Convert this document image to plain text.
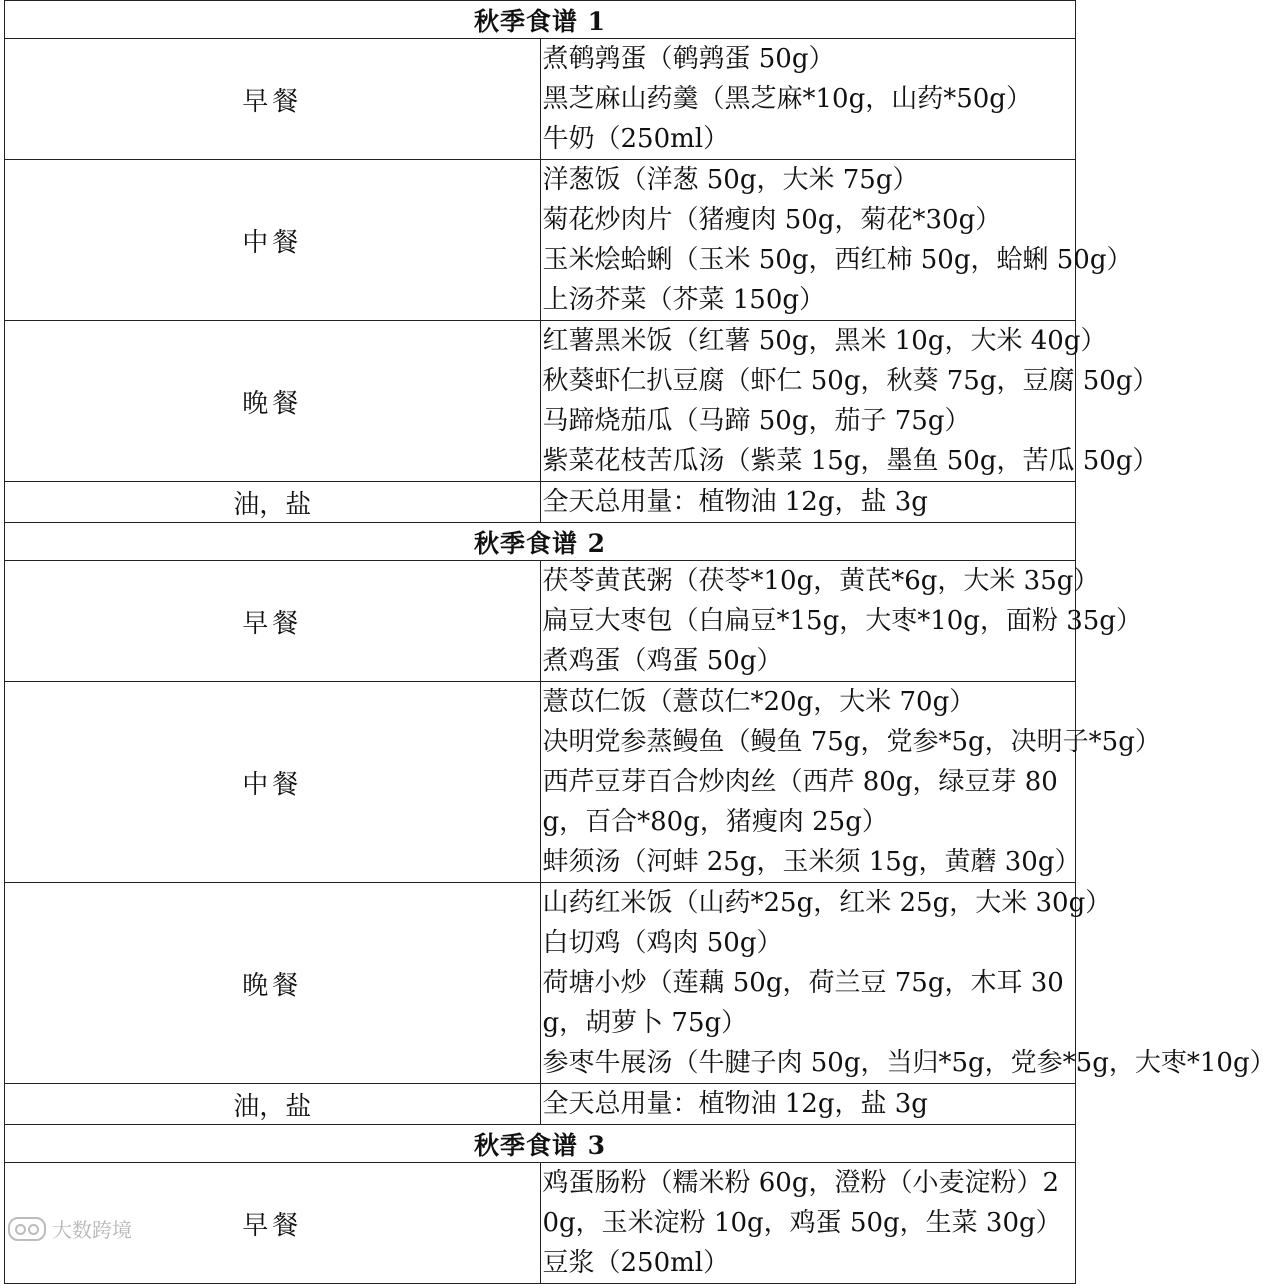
秋季食谱 1	
早餐	煮鹌鹑蛋（鹌鹑蛋 50g）
黑芝麻山药羹（黑芝麻*10g，山药*50g）
牛奶（250ml）

中餐	洋葱饭（洋葱 50g，大米 75g）
菊花炒肉片（猪瘦肉 50g，菊花*30g）
玉米烩蛤蜊（玉米 50g，西红柿 50g，蛤蜊 50g）
上汤芥菜（芥菜 150g）

晚餐	红薯黑米饭（红薯 50g，黑米 10g，大米 40g）
秋葵虾仁扒豆腐（虾仁 50g，秋葵 75g，豆腐 50g）
马蹄烧茄瓜（马蹄 50g，茄子 75g）
紫菜花枝苦瓜汤（紫菜 15g，墨鱼 50g，苦瓜 50g）

油，盐	全天总用量：植物油 12g，盐 3g
秋季食谱 2	
早餐	茯苓黄芪粥（茯苓*10g，黄芪*6g，大米 35g）
扁豆大枣包（白扁豆*15g，大枣*10g，面粉 35g）
煮鸡蛋（鸡蛋 50g）

中餐	薏苡仁饭（薏苡仁*20g，大米 70g）
决明党参蒸鳗鱼（鳗鱼 75g，党参*5g，决明子*5g）
西芹豆芽百合炒肉丝（西芹 80g，绿豆芽 80g，百合*80g，猪瘦肉 25g）
蚌须汤（河蚌 25g，玉米须 15g，黄蘑 30g）

晚餐	山药红米饭（山药*25g，红米 25g，大米 30g）
白切鸡（鸡肉 50g）
荷塘小炒（莲藕 50g，荷兰豆 75g，木耳 30g，胡萝卜 75g）
参枣牛展汤（牛腱子肉 50g，当归*5g，党参*5g，大枣*10g）

油，盐	全天总用量：植物油 12g，盐 3g
秋季食谱 3	
早餐	鸡蛋肠粉（糯米粉 60g，澄粉（小麦淀粉）20g，玉米淀粉 10g，鸡蛋 50g，生菜 30g）
豆浆（250ml）
大数跨境
